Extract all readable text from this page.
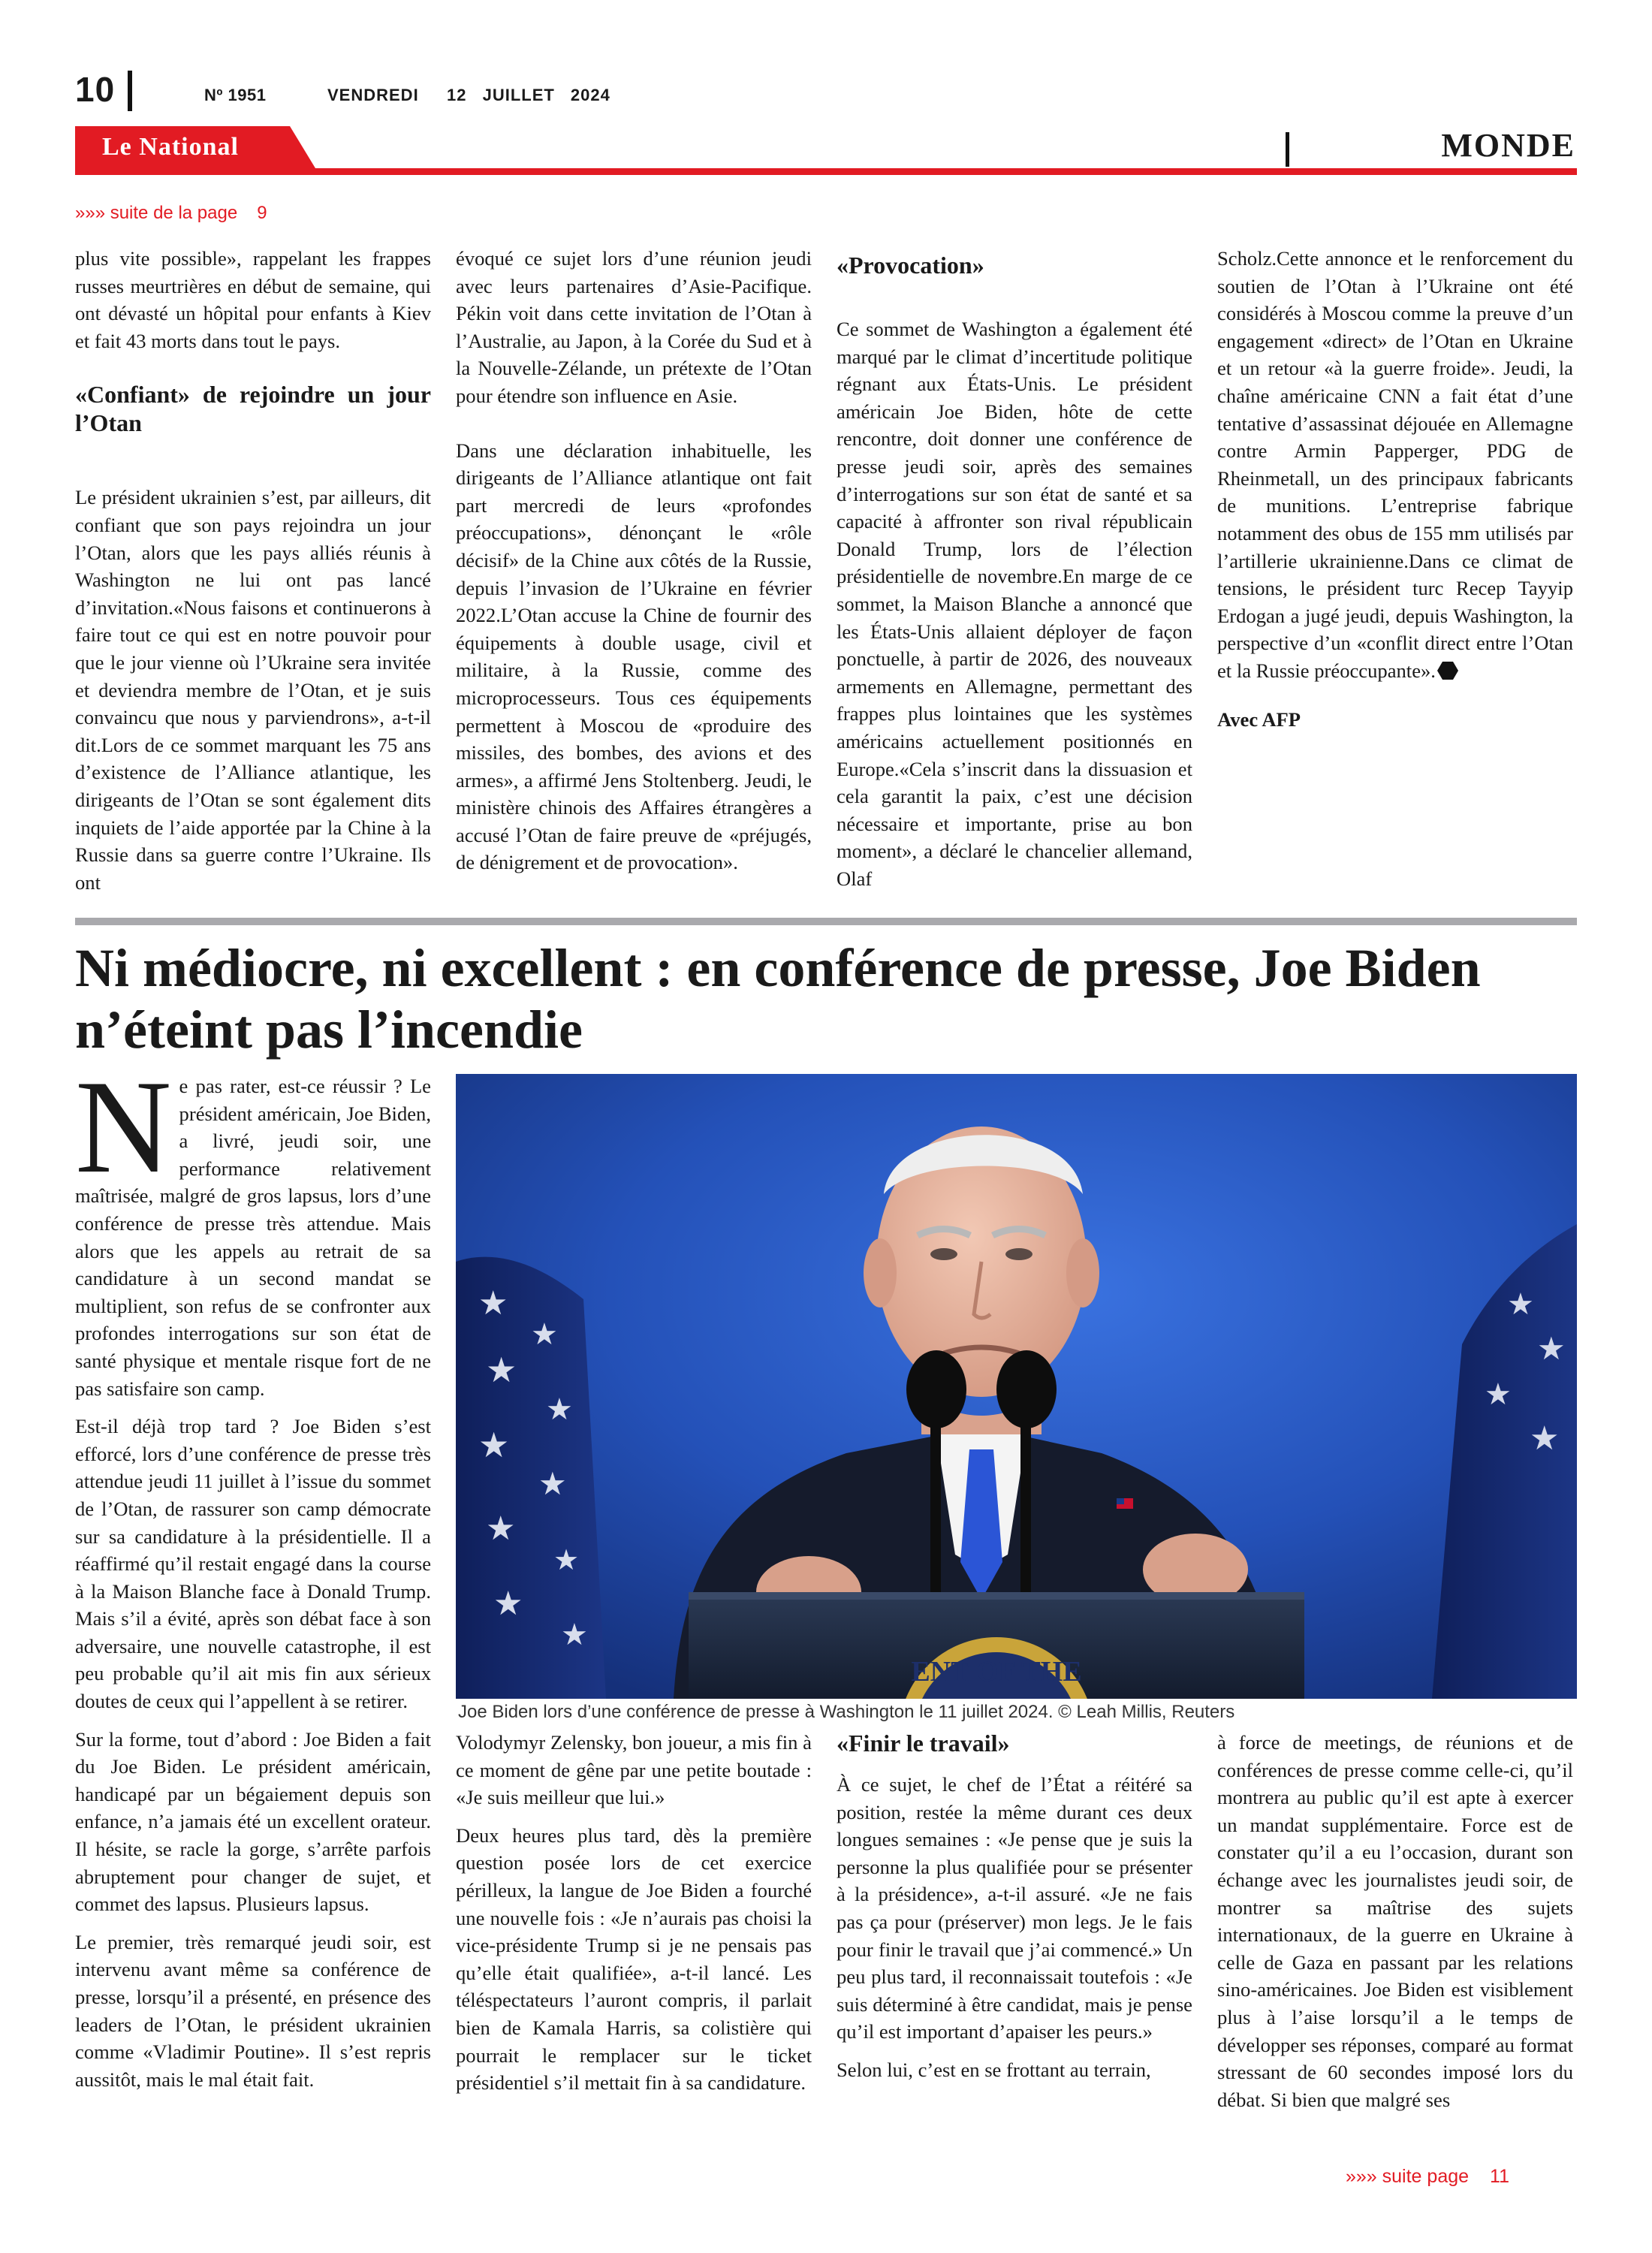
10	Nº 1951	VENDREDI 12 JUILLET 2024
Le National	MONDE
»»» suite de la page 9

plus vite possible», rappelant les frappes russes meurtrières en début de semaine, qui ont dévasté un hôpital pour enfants à Kiev et fait 43 morts dans tout le pays.

«Confiant» de rejoindre un jour l’Otan

Le président ukrainien s’est, par ailleurs, dit confiant que son pays rejoindra un jour l’Otan, alors que les pays alliés réunis à Washington ne lui ont pas lancé d’invitation.«Nous faisons et continuerons à faire tout ce qui est en notre pouvoir pour que le jour vienne où l’Ukraine sera invitée et deviendra membre de l’Otan, et je suis convaincu que nous y parviendrons», a-t-il dit.Lors de ce sommet marquant les 75 ans d’existence de l’Alliance atlantique, les dirigeants de l’Otan se sont également dits inquiets de l’aide apportée par la Chine à la Russie dans sa guerre contre l’Ukraine. Ils ont

évoqué ce sujet lors d’une réunion jeudi avec leurs partenaires d’Asie-Pacifique. Pékin voit dans cette invitation de l’Otan à l’Australie, au Japon, à la Corée du Sud et à la Nouvelle-Zélande, un prétexte de l’Otan pour étendre son influence en Asie.

Dans une déclaration inhabituelle, les dirigeants de l’Alliance atlantique ont fait part mercredi de leurs «profondes préoccupations», dénonçant le «rôle décisif» de la Chine aux côtés de la Russie, depuis l’invasion de l’Ukraine en février 2022.L’Otan accuse la Chine de fournir des équipements à double usage, civil et militaire, à la Russie, comme des microprocesseurs. Tous ces équipements permettent à Moscou de «produire des missiles, des bombes, des avions et des armes», a affirmé Jens Stoltenberg. Jeudi, le ministère chinois des Affaires étrangères a accusé l’Otan de faire preuve de «préjugés, de dénigrement et de provocation».

«Provocation»

Ce sommet de Washington a également été marqué par le climat d’incertitude politique régnant aux États-Unis. Le président américain Joe Biden, hôte de cette rencontre, doit donner une conférence de presse jeudi soir, après des semaines d’interrogations sur son état de santé et sa capacité à affronter son rival républicain Donald Trump, lors de l’élection présidentielle de novembre.En marge de ce sommet, la Maison Blanche a annoncé que les États-Unis allaient déployer de façon ponctuelle, à partir de 2026, des nouveaux armements en Allemagne, permettant des frappes plus lointaines que les systèmes américains actuellement positionnés en Europe.«Cela s’inscrit dans la dissuasion et cela garantit la paix, c’est une décision nécessaire et importante, prise au bon moment», a déclaré le chancelier allemand, Olaf

Scholz.Cette annonce et le renforcement du soutien de l’Otan à l’Ukraine ont été considérés à Moscou comme la preuve d’un engagement «direct» de l’Otan en Ukraine et un retour «à la guerre froide». Jeudi, la chaîne américaine CNN a fait état d’une tentative d’assassinat déjouée en Allemagne contre Armin Papperger, PDG de Rheinmetall, un des principaux fabricants de munitions. L’entreprise fabrique notamment des obus de 155 mm utilisés par l’artillerie ukrainienne.Dans ce climat de tensions, le président turc Recep Tayyip Erdogan a jugé jeudi, depuis Washington, la perspective d’un «conflit direct entre l’Otan et la Russie préoccupante».

Avec AFP

Ni médiocre, ni excellent : en conférence de presse, Joe Biden n’éteint pas l’incendie

Ne pas rater, est-ce réussir ? Le président américain, Joe Biden, a livré, jeudi soir, une performance relativement maîtrisée, malgré de gros lapsus, lors d’une conférence de presse très attendue. Mais alors que les appels au retrait de sa candidature à un second mandat se multiplient, son refus de se confronter aux profondes interrogations sur son état de santé physique et mentale risque fort de ne pas satisfaire son camp.

Est-il déjà trop tard ? Joe Biden s’est efforcé, lors d’une conférence de presse très attendue jeudi 11 juillet à l’issue du sommet de l’Otan, de rassurer son camp démocrate sur sa candidature à la présidentielle. Il a réaffirmé qu’il restait engagé dans la course à la Maison Blanche face à Donald Trump. Mais s’il a évité, après son débat face à son adversaire, une nouvelle catastrophe, il est peu probable qu’il ait mis fin aux sérieux doutes de ceux qui l’appellent à se retirer.

Sur la forme, tout d’abord : Joe Biden a fait du Joe Biden. Le président américain, handicapé par un bégaiement depuis son enfance, n’a jamais été un excellent orateur. Il hésite, se racle la gorge, s’arrête parfois abruptement pour changer de sujet, et commet des lapsus. Plusieurs lapsus.

Le premier, très remarqué jeudi soir, est intervenu avant même sa conférence de presse, lorsqu’il a présenté, en présence des leaders de l’Otan, le président ukrainien comme «Vladimir Poutine». Il s’est repris aussitôt, mais le mal était fait.

★
★
★
★
★
★
★
★
★
★
★
★
★
★
ENT OF THE
Joe Biden lors d’une conférence de presse à Washington le 11 juillet 2024. © Leah Millis, Reuters

Volodymyr Zelensky, bon joueur, a mis fin à ce moment de gêne par une petite boutade : «Je suis meilleur que lui.»

Deux heures plus tard, dès la première question posée lors de cet exercice périlleux, la langue de Joe Biden a fourché une nouvelle fois : «Je n’aurais pas choisi la vice-présidente Trump si je ne pensais pas qu’elle était qualifiée», a-t-il lancé. Les téléspectateurs l’auront compris, il parlait bien de Kamala Harris, sa colistière qui pourrait le remplacer sur le ticket présidentiel s’il mettait fin à sa candidature.

«Finir le travail»

À ce sujet, le chef de l’État a réitéré sa position, restée la même durant ces deux longues semaines : «Je pense que je suis la personne la plus qualifiée pour se présenter à la présidence», a-t-il assuré. «Je ne fais pas ça pour (préserver) mon legs. Je le fais pour finir le travail que j’ai commencé.» Un peu plus tard, il reconnaissait toutefois : «Je suis déterminé à être candidat, mais je pense qu’il est important d’apaiser les peurs.»

Selon lui, c’est en se frottant au terrain,

à force de meetings, de réunions et de conférences de presse comme celle-ci, qu’il montrera au public qu’il est apte à exercer un mandat supplémentaire. Force est de constater qu’il a eu l’occasion, durant son échange avec les journalistes jeudi soir, de montrer sa maîtrise des sujets internationaux, de la guerre en Ukraine à celle de Gaza en passant par les relations sino-américaines. Joe Biden est visiblement plus à l’aise lorsqu’il a le temps de développer ses réponses, comparé au format stressant de 60 secondes imposé lors du débat. Si bien que malgré ses

»»» suite page 11
